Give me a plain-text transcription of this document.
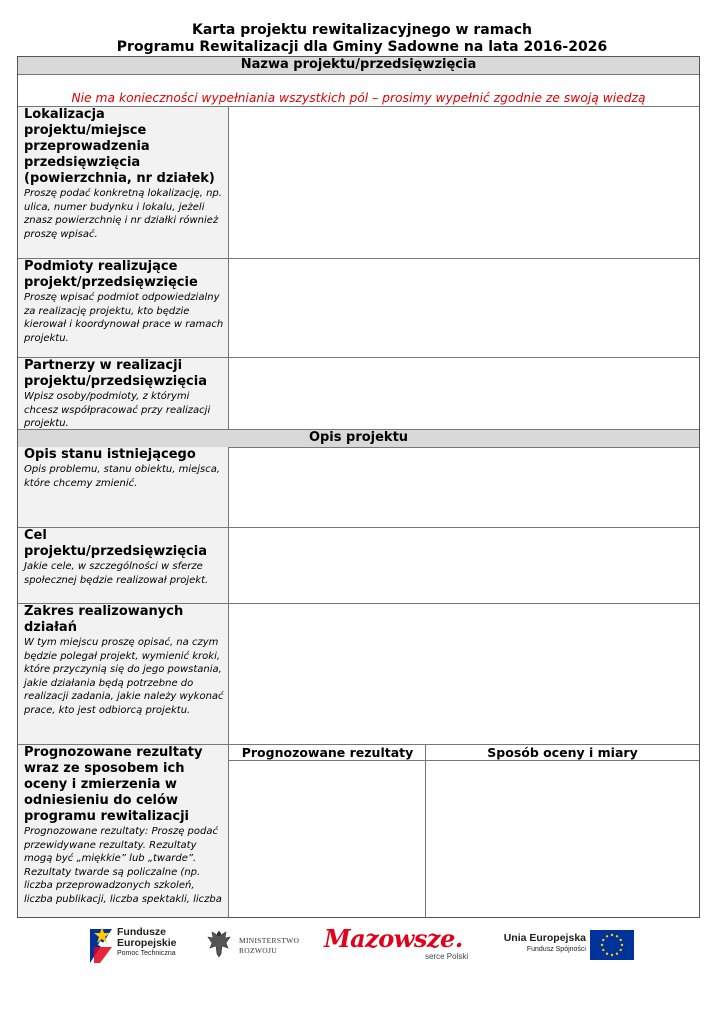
Karta projektu rewitalizacyjnego w ramach
Programu Rewitalizacji dla Gminy Sadowne na lata 2016-2026
Nazwa projektu/przedsięwzięcia
Nie ma konieczności wypełniania wszystkich pól – prosimy wypełnić zgodnie ze swoją wiedzą
Lokalizacja projektu/miejsce przeprowadzenia przedsięwzięcia (powierzchnia, nr działek)
Proszę podać konkretną lokalizację, np. ulica, numer budynku i lokalu, jeżeli znasz powierzchnię i nr działki również proszę wpisać.
Podmioty realizujące projekt/przedsięwzięcie
Proszę wpisać podmiot odpowiedzialny za realizację projektu, kto będzie kierował i koordynował prace w ramach projektu.
Partnerzy w realizacji projektu/przedsięwzięcia
Wpisz osoby/podmioty, z którymi chcesz współpracować przy realizacji projektu.
Opis projektu
Opis stanu istniejącego
Opis problemu, stanu obiektu, miejsca, które chcemy zmienić.
Cel projektu/przedsięwzięcia
Jakie cele, w szczególności w sferze społecznej będzie realizował projekt.
Zakres realizowanych działań
W tym miejscu proszę opisać, na czym będzie polegał projekt, wymienić kroki, które przyczynią się do jego powstania, jakie działania będą potrzebne do realizacji zadania, jakie należy wykonać prace, kto jest odbiorcą projektu.
Prognozowane rezultaty wraz ze sposobem ich oceny i zmierzenia w odniesieniu do celów programu rewitalizacji
Prognozowane rezultaty: Proszę podać przewidywane rezultaty. Rezultaty mogą być „miękkie” lub „twarde”. Rezultaty twarde są policzalne (np. liczba przeprowadzonych szkoleń, liczba publikacji, liczba spektakli, liczba
Prognozowane rezultaty	Sposób oceny i miary
Fundusze
Europejskie
Pomoc Techniczna
MINISTERSTWO
ROZWOJU	Mazowsze.
serce Polski
Unia Europejska
Fundusz Spójności
